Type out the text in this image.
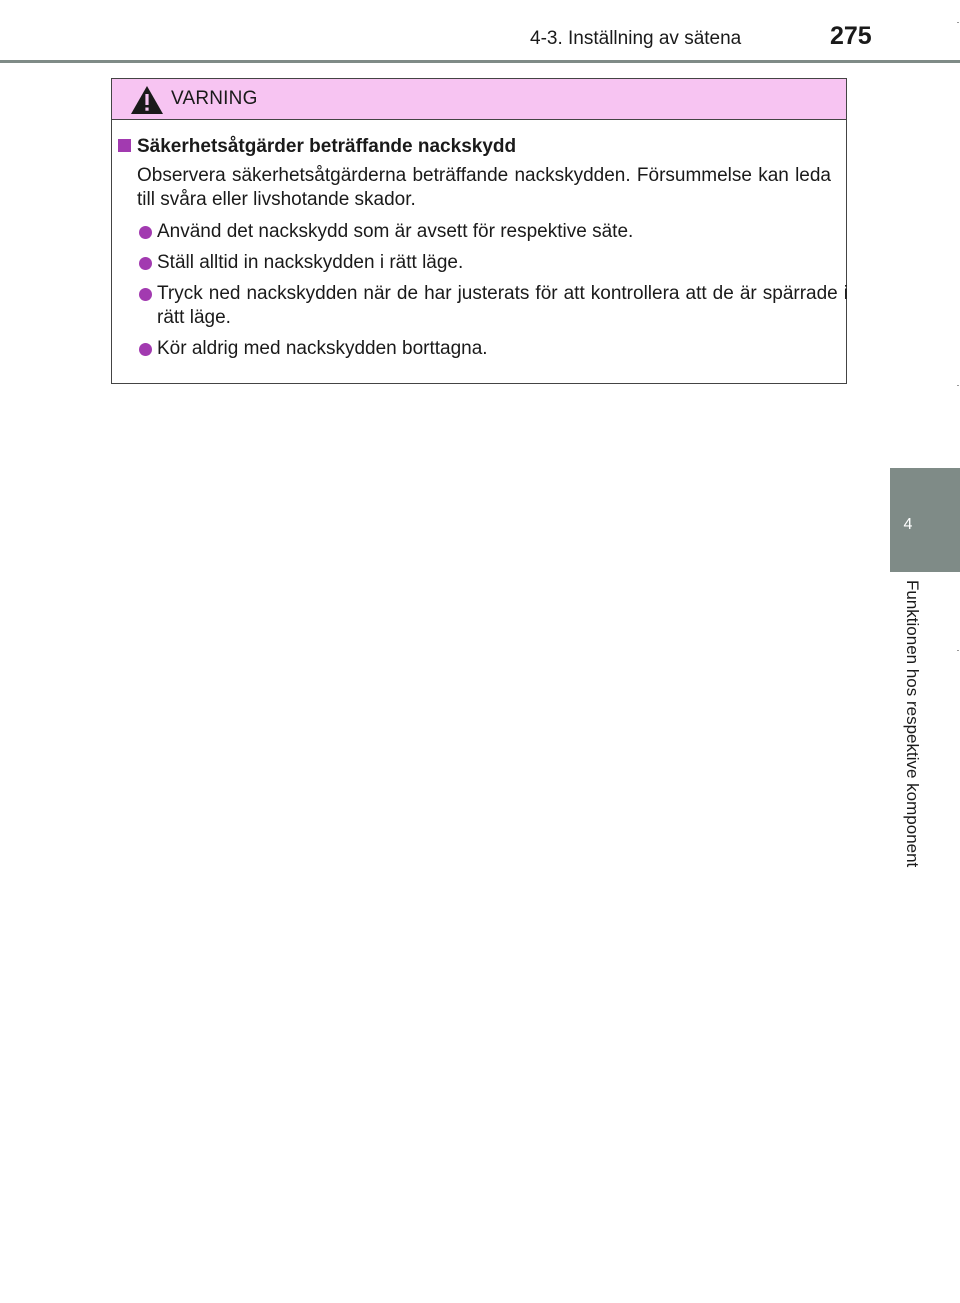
4-3. Inställning av sätena	275
4
Funktionen hos respektive komponent
VARNING
Säkerhetsåtgärder beträffande nackskydd
Observera säkerhetsåtgärderna beträffande nackskydden. Försummelse kan leda till svåra eller livshotande skador.
Använd det nackskydd som är avsett för respektive säte.
Ställ alltid in nackskydden i rätt läge.
Tryck ned nackskydden när de har justerats för att kontrollera att de är spärrade i rätt läge.
Kör aldrig med nackskydden borttagna.
